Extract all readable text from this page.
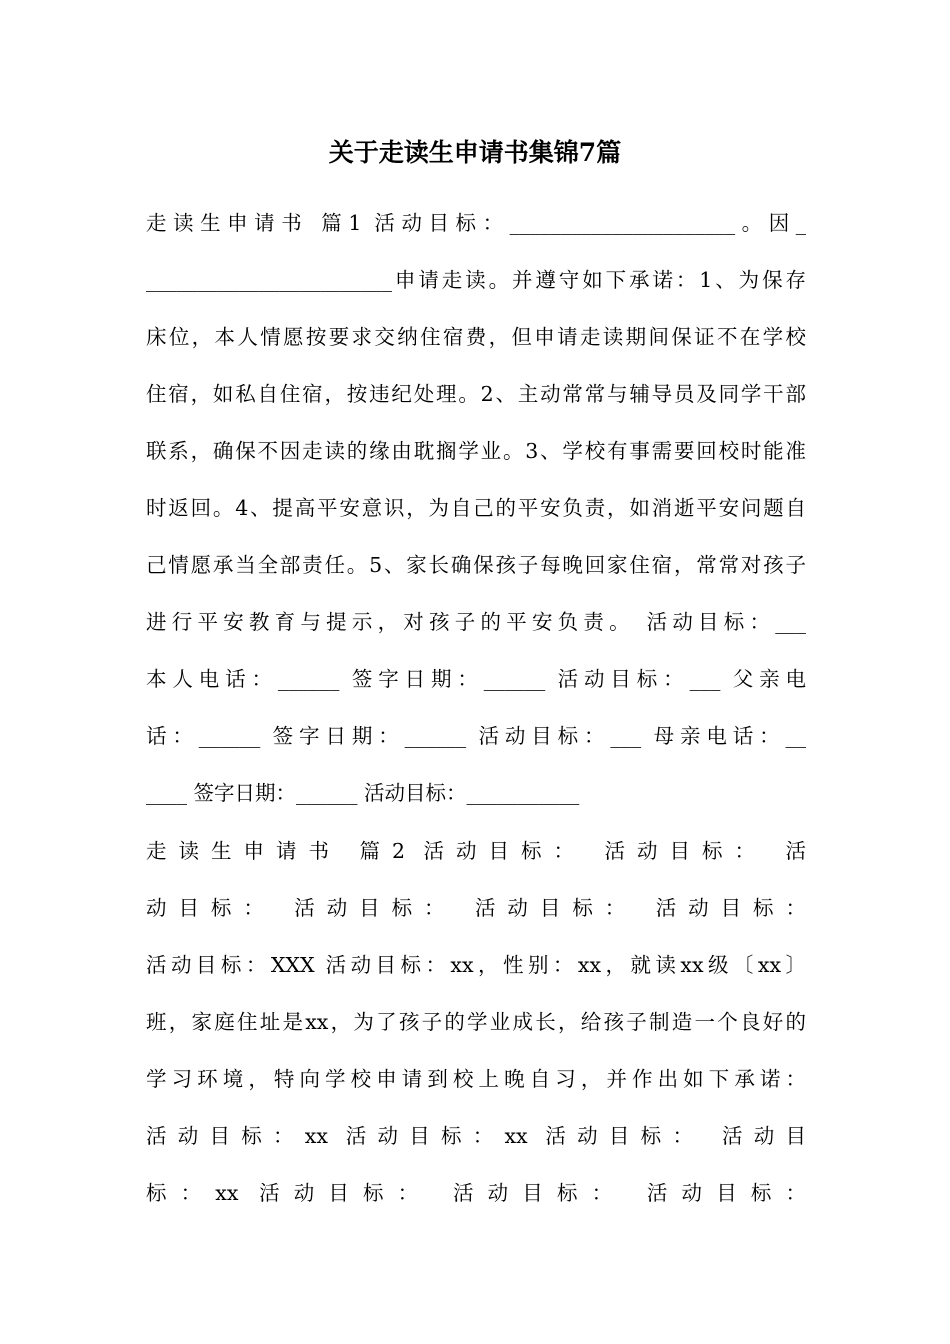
关于走读生申请书集锦7篇
走读生申请书 篇1 活动目标：______________________。因_
________________________申请走读。并遵守如下承诺：1、为保存
床位，本人情愿按要求交纳住宿费，但申请走读期间保证不在学校
住宿，如私自住宿，按违纪处理。2、主动常常与辅导员及同学干部
联系，确保不因走读的缘由耽搁学业。3、学校有事需要回校时能准
时返回。4、提高平安意识，为自己的平安负责，如消逝平安问题自
己情愿承当全部责任。5、家长确保孩子每晚回家住宿，常常对孩子
进行平安教育与提示，对孩子的平安负责。 活动目标：___
本人电话：______ 签字日期：______ 活动目标：___ 父亲电
话：______ 签字日期：______ 活动目标：___ 母亲电话：__
____ 签字日期：______ 活动目标：___________
走读生申请书 篇2 活动目标： 活动目标： 活
动目标： 活动目标： 活动目标： 活动目标：
活动目标：XXX 活动目标：xx，性别：xx，就读xx级〔xx〕
班，家庭住址是xx，为了孩子的学业成长，给孩子制造一个良好的
学习环境，特向学校申请到校上晚自习，并作出如下承诺：
活动目标：xx 活动目标：xx 活动目标： 活动目
标：xx 活动目标： 活动目标： 活动目标：
